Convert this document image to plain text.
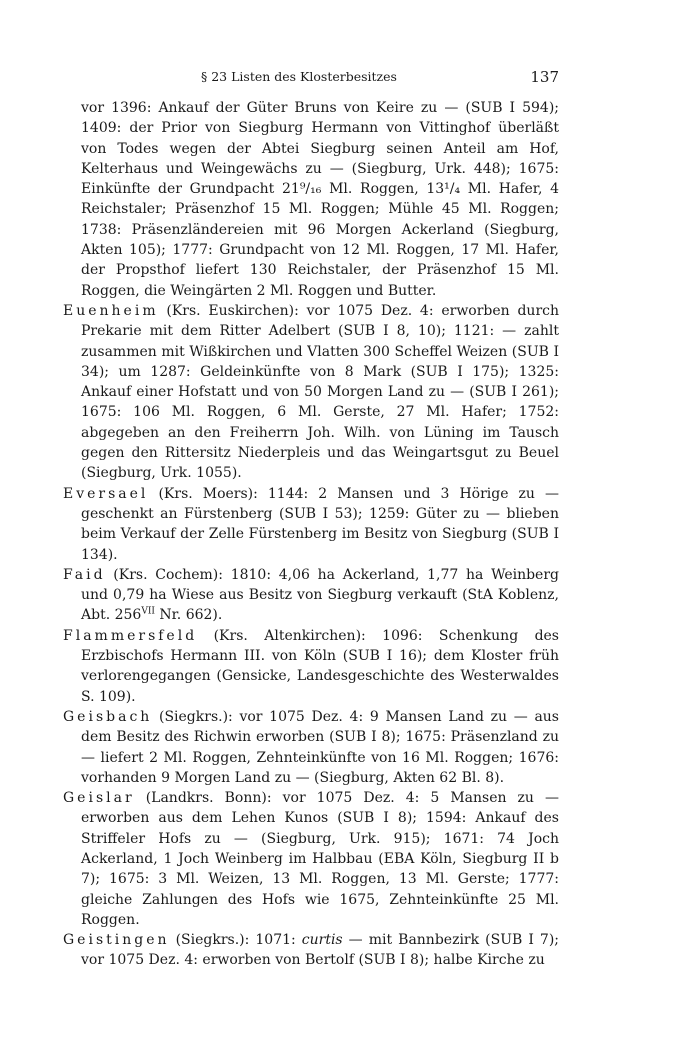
§ 23 Listen des Klosterbesitzes	137

vor 1396: Ankauf der Güter Bruns von Keire zu — (SUB I 594); 1409: der Prior von Siegburg Hermann von Vittinghof überläßt von Todes wegen der Abtei Siegburg seinen Anteil am Hof, Kelterhaus und Weingewächs zu — (Siegburg, Urk. 448); 1675: Einkünfte der Grundpacht 21⁹/₁₆ Ml. Roggen, 13¹/₄ Ml. Hafer, 4 Reichstaler; Präsenzhof 15 Ml. Roggen; Mühle 45 Ml. Roggen; 1738: Präsenzländereien mit 96 Morgen Ackerland (Siegburg, Akten 105); 1777: Grundpacht von 12 Ml. Roggen, 17 Ml. Hafer, der Propsthof liefert 130 Reichstaler, der Präsenzhof 15 Ml. Roggen, die Weingärten 2 Ml. Roggen und Butter.

Euenheim (Krs. Euskirchen): vor 1075 Dez. 4: erworben durch Prekarie mit dem Ritter Adelbert (SUB I 8, 10); 1121: — zahlt zusammen mit Wißkirchen und Vlatten 300 Scheffel Weizen (SUB I 34); um 1287: Geldeinkünfte von 8 Mark (SUB I 175); 1325: Ankauf einer Hofstatt und von 50 Morgen Land zu — (SUB I 261); 1675: 106 Ml. Roggen, 6 Ml. Gerste, 27 Ml. Hafer; 1752: abgegeben an den Freiherrn Joh. Wilh. von Lüning im Tausch gegen den Rittersitz Niederpleis und das Weingartsgut zu Beuel (Siegburg, Urk. 1055).

Eversael (Krs. Moers): 1144: 2 Mansen und 3 Hörige zu — geschenkt an Fürstenberg (SUB I 53); 1259: Güter zu — blieben beim Verkauf der Zelle Fürstenberg im Besitz von Siegburg (SUB I 134).

Faid (Krs. Cochem): 1810: 4,06 ha Ackerland, 1,77 ha Weinberg und 0,79 ha Wiese aus Besitz von Siegburg verkauft (StA Koblenz, Abt. $256^{VII}$ Nr. 662).

Flammersfeld (Krs. Altenkirchen): 1096: Schenkung des Erzbischofs Hermann III. von Köln (SUB I 16); dem Kloster früh verlorengegangen (Gensicke, Landesgeschichte des Westerwaldes S. 109).

Geisbach (Siegkrs.): vor 1075 Dez. 4: 9 Mansen Land zu — aus dem Besitz des Richwin erworben (SUB I 8); 1675: Präsenzland zu — liefert 2 Ml. Roggen, Zehnteinkünfte von 16 Ml. Roggen; 1676: vorhanden 9 Morgen Land zu — (Siegburg, Akten 62 Bl. 8).

Geislar (Landkrs. Bonn): vor 1075 Dez. 4: 5 Mansen zu — erworben aus dem Lehen Kunos (SUB I 8); 1594: Ankauf des Striffeler Hofs zu — (Siegburg, Urk. 915); 1671: 74 Joch Ackerland, 1 Joch Weinberg im Halbbau (EBA Köln, Siegburg II b 7); 1675: 3 Ml. Weizen, 13 Ml. Roggen, 13 Ml. Gerste; 1777: gleiche Zahlungen des Hofs wie 1675, Zehnteinkünfte 25 Ml. Roggen.

Geistingen (Siegkrs.): 1071: curtis — mit Bannbezirk (SUB I 7); vor 1075 Dez. 4: erworben von Bertolf (SUB I 8); halbe Kirche zu
